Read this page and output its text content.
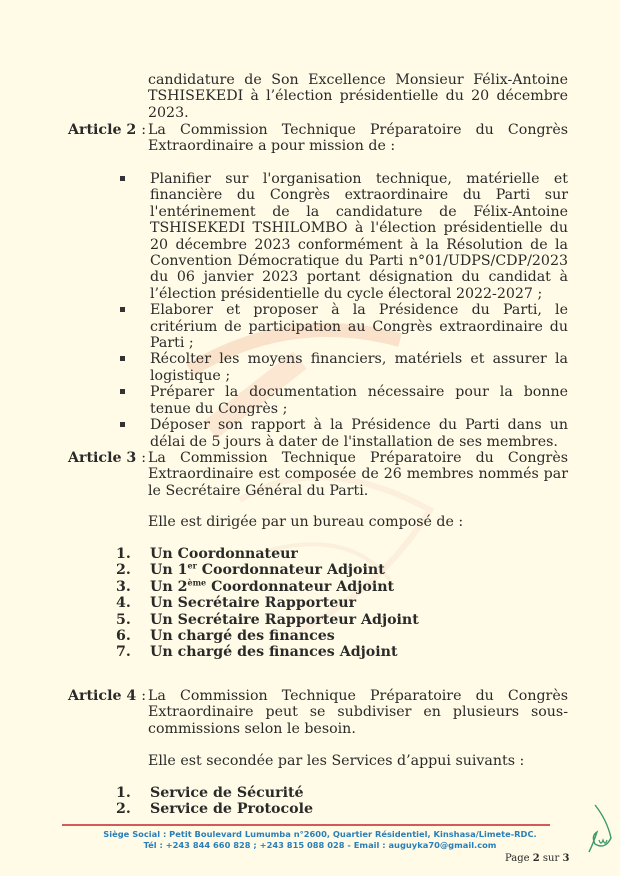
candidature de Son Excellence Monsieur Félix-Antoine TSHISEKEDI à l’élection présidentielle du 20 décembre 2023.
Article 2 : La Commission Technique Préparatoire du Congrès Extraordinaire a pour mission de :
Planifier sur l'organisation technique, matérielle et financière du Congrès extraordinaire du Parti sur l'entérinement de la candidature de Félix-Antoine TSHISEKEDI TSHILOMBO à l'élection présidentielle du 20 décembre 2023 conformément à la Résolution de la Convention Démocratique du Parti n°01/UDPS/CDP/2023 du 06 janvier 2023 portant désignation du candidat à l’élection présidentielle du cycle électoral 2022-2027 ;
Elaborer et proposer à la Présidence du Parti, le critérium de participation au Congrès extraordinaire du Parti ;
Récolter les moyens financiers, matériels et assurer la logistique ;
Préparer la documentation nécessaire pour la bonne tenue du Congrès ;
Déposer son rapport à la Présidence du Parti dans un délai de 5 jours à dater de l'installation de ses membres.
Article 3 : La Commission Technique Préparatoire du Congrès Extraordinaire est composée de 26 membres nommés par le Secrétaire Général du Parti.
Elle est dirigée par un bureau composé de :
1.	Un Coordonnateur
2.	Un 1er Coordonnateur Adjoint
3.	Un 2ème Coordonnateur Adjoint
4.	Un Secrétaire Rapporteur
5.	Un Secrétaire Rapporteur Adjoint
6.	Un chargé des finances
7.	Un chargé des finances Adjoint
Article 4 : La Commission Technique Préparatoire du Congrès Extraordinaire peut se subdiviser en plusieurs sous-commissions selon le besoin.
Elle est secondée par les Services d’appui suivants :
1.	Service de Sécurité
2.	Service de Protocole
Siège Social : Petit Boulevard Lumumba n°2600, Quartier Résidentiel, Kinshasa/Limete-RDC.
Tél : +243 844 660 828 ; +243 815 088 028 - Email : auguyka70@gmail.com
Page 2 sur 3
